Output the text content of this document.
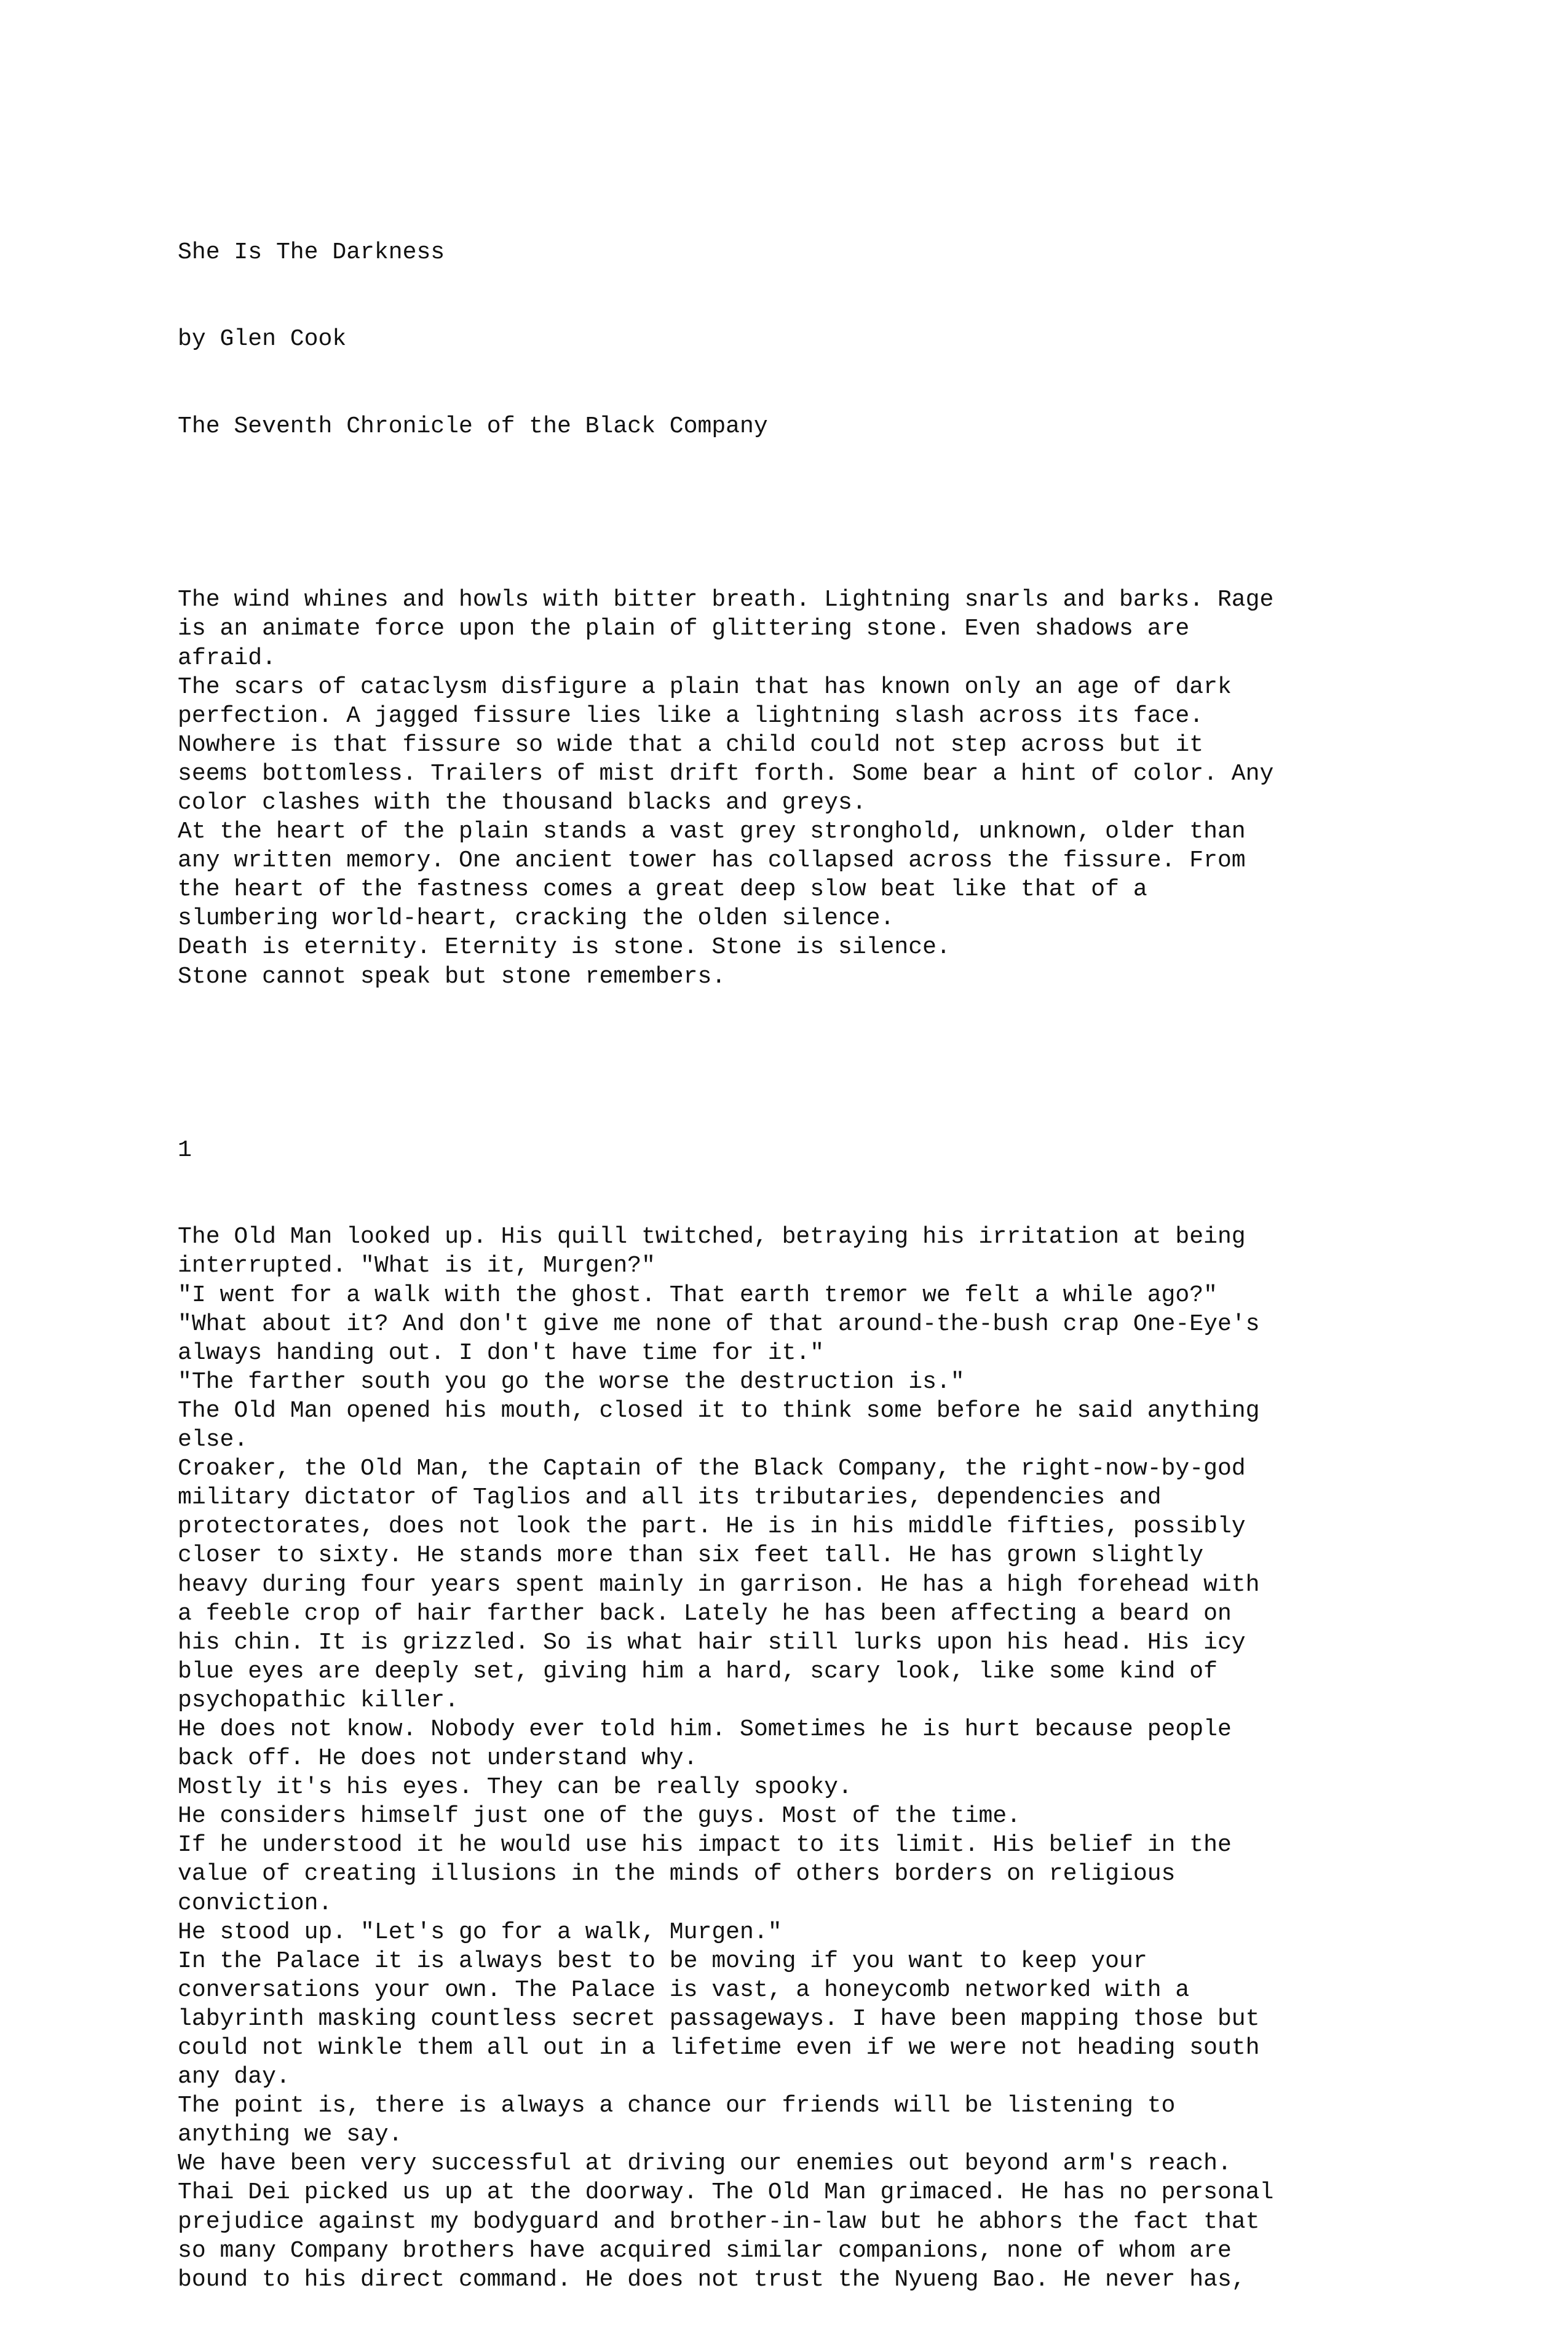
She Is The Darkness

by Glen Cook

The Seventh Chronicle of the Black Company

The wind whines and howls with bitter breath. Lightning snarls and barks. Rage
is an animate force upon the plain of glittering stone. Even shadows are
afraid.
The scars of cataclysm disfigure a plain that has known only an age of dark
perfection. A jagged fissure lies like a lightning slash across its face.
Nowhere is that fissure so wide that a child could not step across but it
seems bottomless. Trailers of mist drift forth. Some bear a hint of color. Any
color clashes with the thousand blacks and greys.
At the heart of the plain stands a vast grey stronghold, unknown, older than
any written memory. One ancient tower has collapsed across the fissure. From
the heart of the fastness comes a great deep slow beat like that of a
slumbering world-heart, cracking the olden silence.
Death is eternity. Eternity is stone. Stone is silence.
Stone cannot speak but stone remembers.

1

The Old Man looked up. His quill twitched, betraying his irritation at being
interrupted. "What is it, Murgen?"
"I went for a walk with the ghost. That earth tremor we felt a while ago?"
"What about it? And don't give me none of that around-the-bush crap One-Eye's
always handing out. I don't have time for it."
"The farther south you go the worse the destruction is."
The Old Man opened his mouth, closed it to think some before he said anything
else.
Croaker, the Old Man, the Captain of the Black Company, the right-now-by-god
military dictator of Taglios and all its tributaries, dependencies and
protectorates, does not look the part. He is in his middle fifties, possibly
closer to sixty. He stands more than six feet tall. He has grown slightly
heavy during four years spent mainly in garrison. He has a high forehead with
a feeble crop of hair farther back. Lately he has been affecting a beard on
his chin. It is grizzled. So is what hair still lurks upon his head. His icy
blue eyes are deeply set, giving him a hard, scary look, like some kind of
psychopathic killer.
He does not know. Nobody ever told him. Sometimes he is hurt because people
back off. He does not understand why.
Mostly it's his eyes. They can be really spooky.
He considers himself just one of the guys. Most of the time.
If he understood it he would use his impact to its limit. His belief in the
value of creating illusions in the minds of others borders on religious
conviction.
He stood up. "Let's go for a walk, Murgen."
In the Palace it is always best to be moving if you want to keep your
conversations your own. The Palace is vast, a honeycomb networked with a
labyrinth masking countless secret passageways. I have been mapping those but
could not winkle them all out in a lifetime even if we were not heading south
any day.
The point is, there is always a chance our friends will be listening to
anything we say.
We have been very successful at driving our enemies out beyond arm's reach.
Thai Dei picked us up at the doorway. The Old Man grimaced. He has no personal
prejudice against my bodyguard and brother-in-law but he abhors the fact that
so many Company brothers have acquired similar companions, none of whom are
bound to his direct command. He does not trust the Nyueng Bao. He never has,
